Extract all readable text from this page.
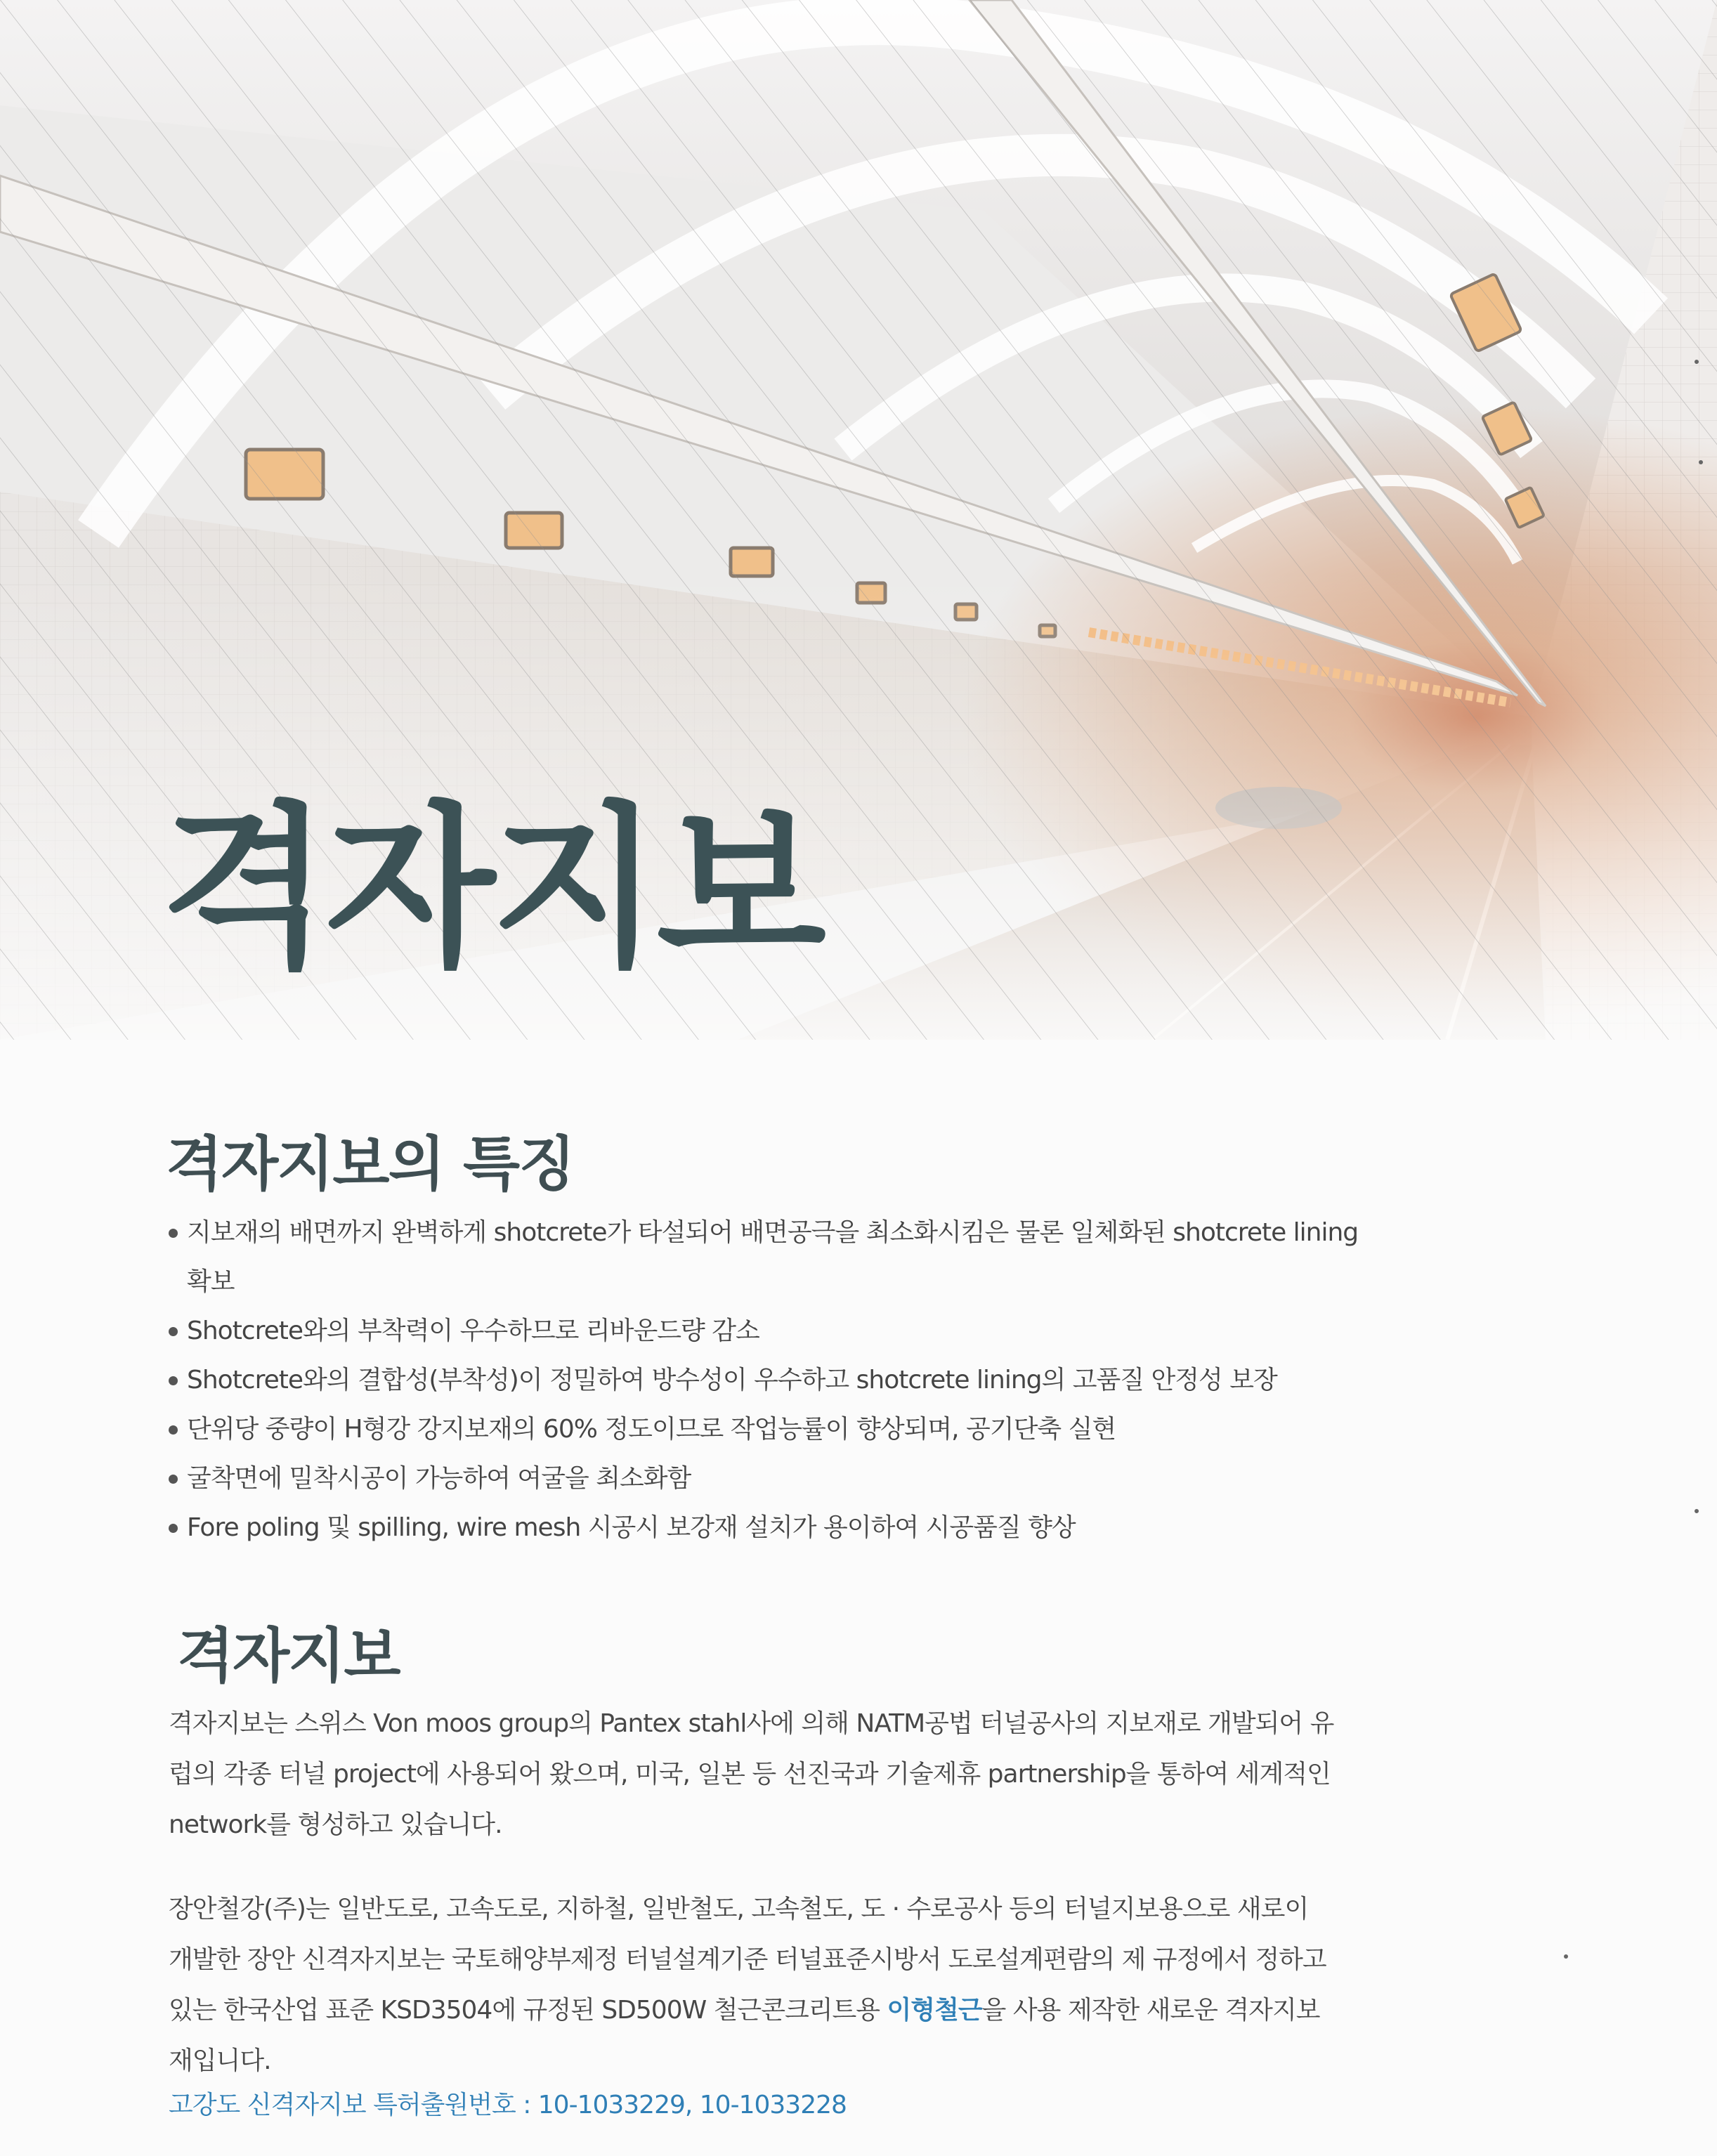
격자지보
격자지보의 특징
지보재의 배면까지 완벽하게 shotcrete가 타설되어 배면공극을 최소화시킴은 물론 일체화된 shotcrete lining확보
Shotcrete와의 부착력이 우수하므로 리바운드량 감소
Shotcrete와의 결합성(부착성)이 정밀하여 방수성이 우수하고 shotcrete lining의 고품질 안정성 보장
단위당 중량이 H형강 강지보재의 60% 정도이므로 작업능률이 향상되며, 공기단축 실현
굴착면에 밀착시공이 가능하여 여굴을 최소화함
Fore poling 및 spilling, wire mesh 시공시 보강재 설치가 용이하여 시공품질 향상
격자지보

격자지보는 스위스 Von moos group의 Pantex stahl사에 의해 NATM공법 터널공사의 지보재로 개발되어 유럽의 각종 터널 project에 사용되어 왔으며, 미국, 일본 등 선진국과 기술제휴 partnership을 통하여 세계적인 network를 형성하고 있습니다.

장안철강(주)는 일반도로, 고속도로, 지하철, 일반철도, 고속철도, 도 · 수로공사 등의 터널지보용으로 새로이 개발한 장안 신격자지보는 국토해양부제정 터널설계기준 터널표준시방서 도로설계편람의 제 규정에서 정하고 있는 한국산업 표준 KSD3504에 규정된 SD500W 철근콘크리트용 이형철근을 사용 제작한 새로운 격자지보재입니다.

고강도 신격자지보 특허출원번호 : 10-1033229, 10-1033228
